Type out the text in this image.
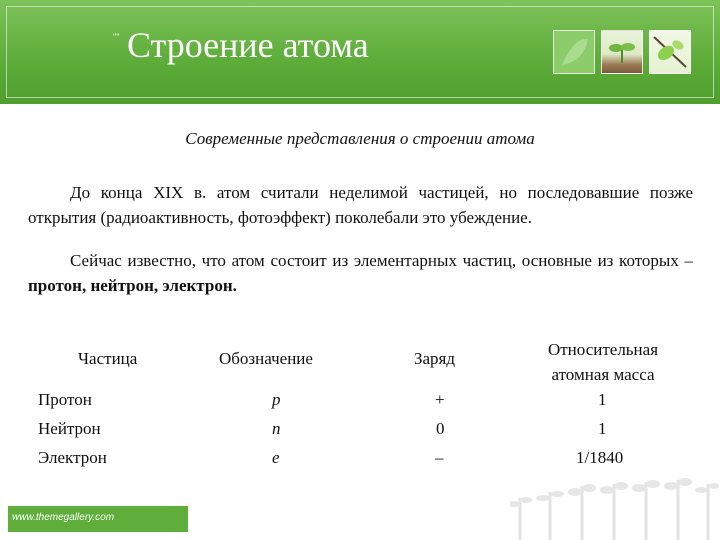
"" Строение атома
Современные представления о строении атома
До конца XIX в. атом считали неделимой частицей, но последовавшие позже открытия (радиоактивность, фотоэффект) поколебали это убеждение.
Сейчас известно, что атом состоит из элементарных частиц, основные из которых – протон, нейтрон, электрон.
Частица	Обозначение	Заряд	Относительная
атомная масса
Протон	p	+	1
Нейтрон	n	0	1
Электрон	e	–	1/1840
www.themegallery.com
